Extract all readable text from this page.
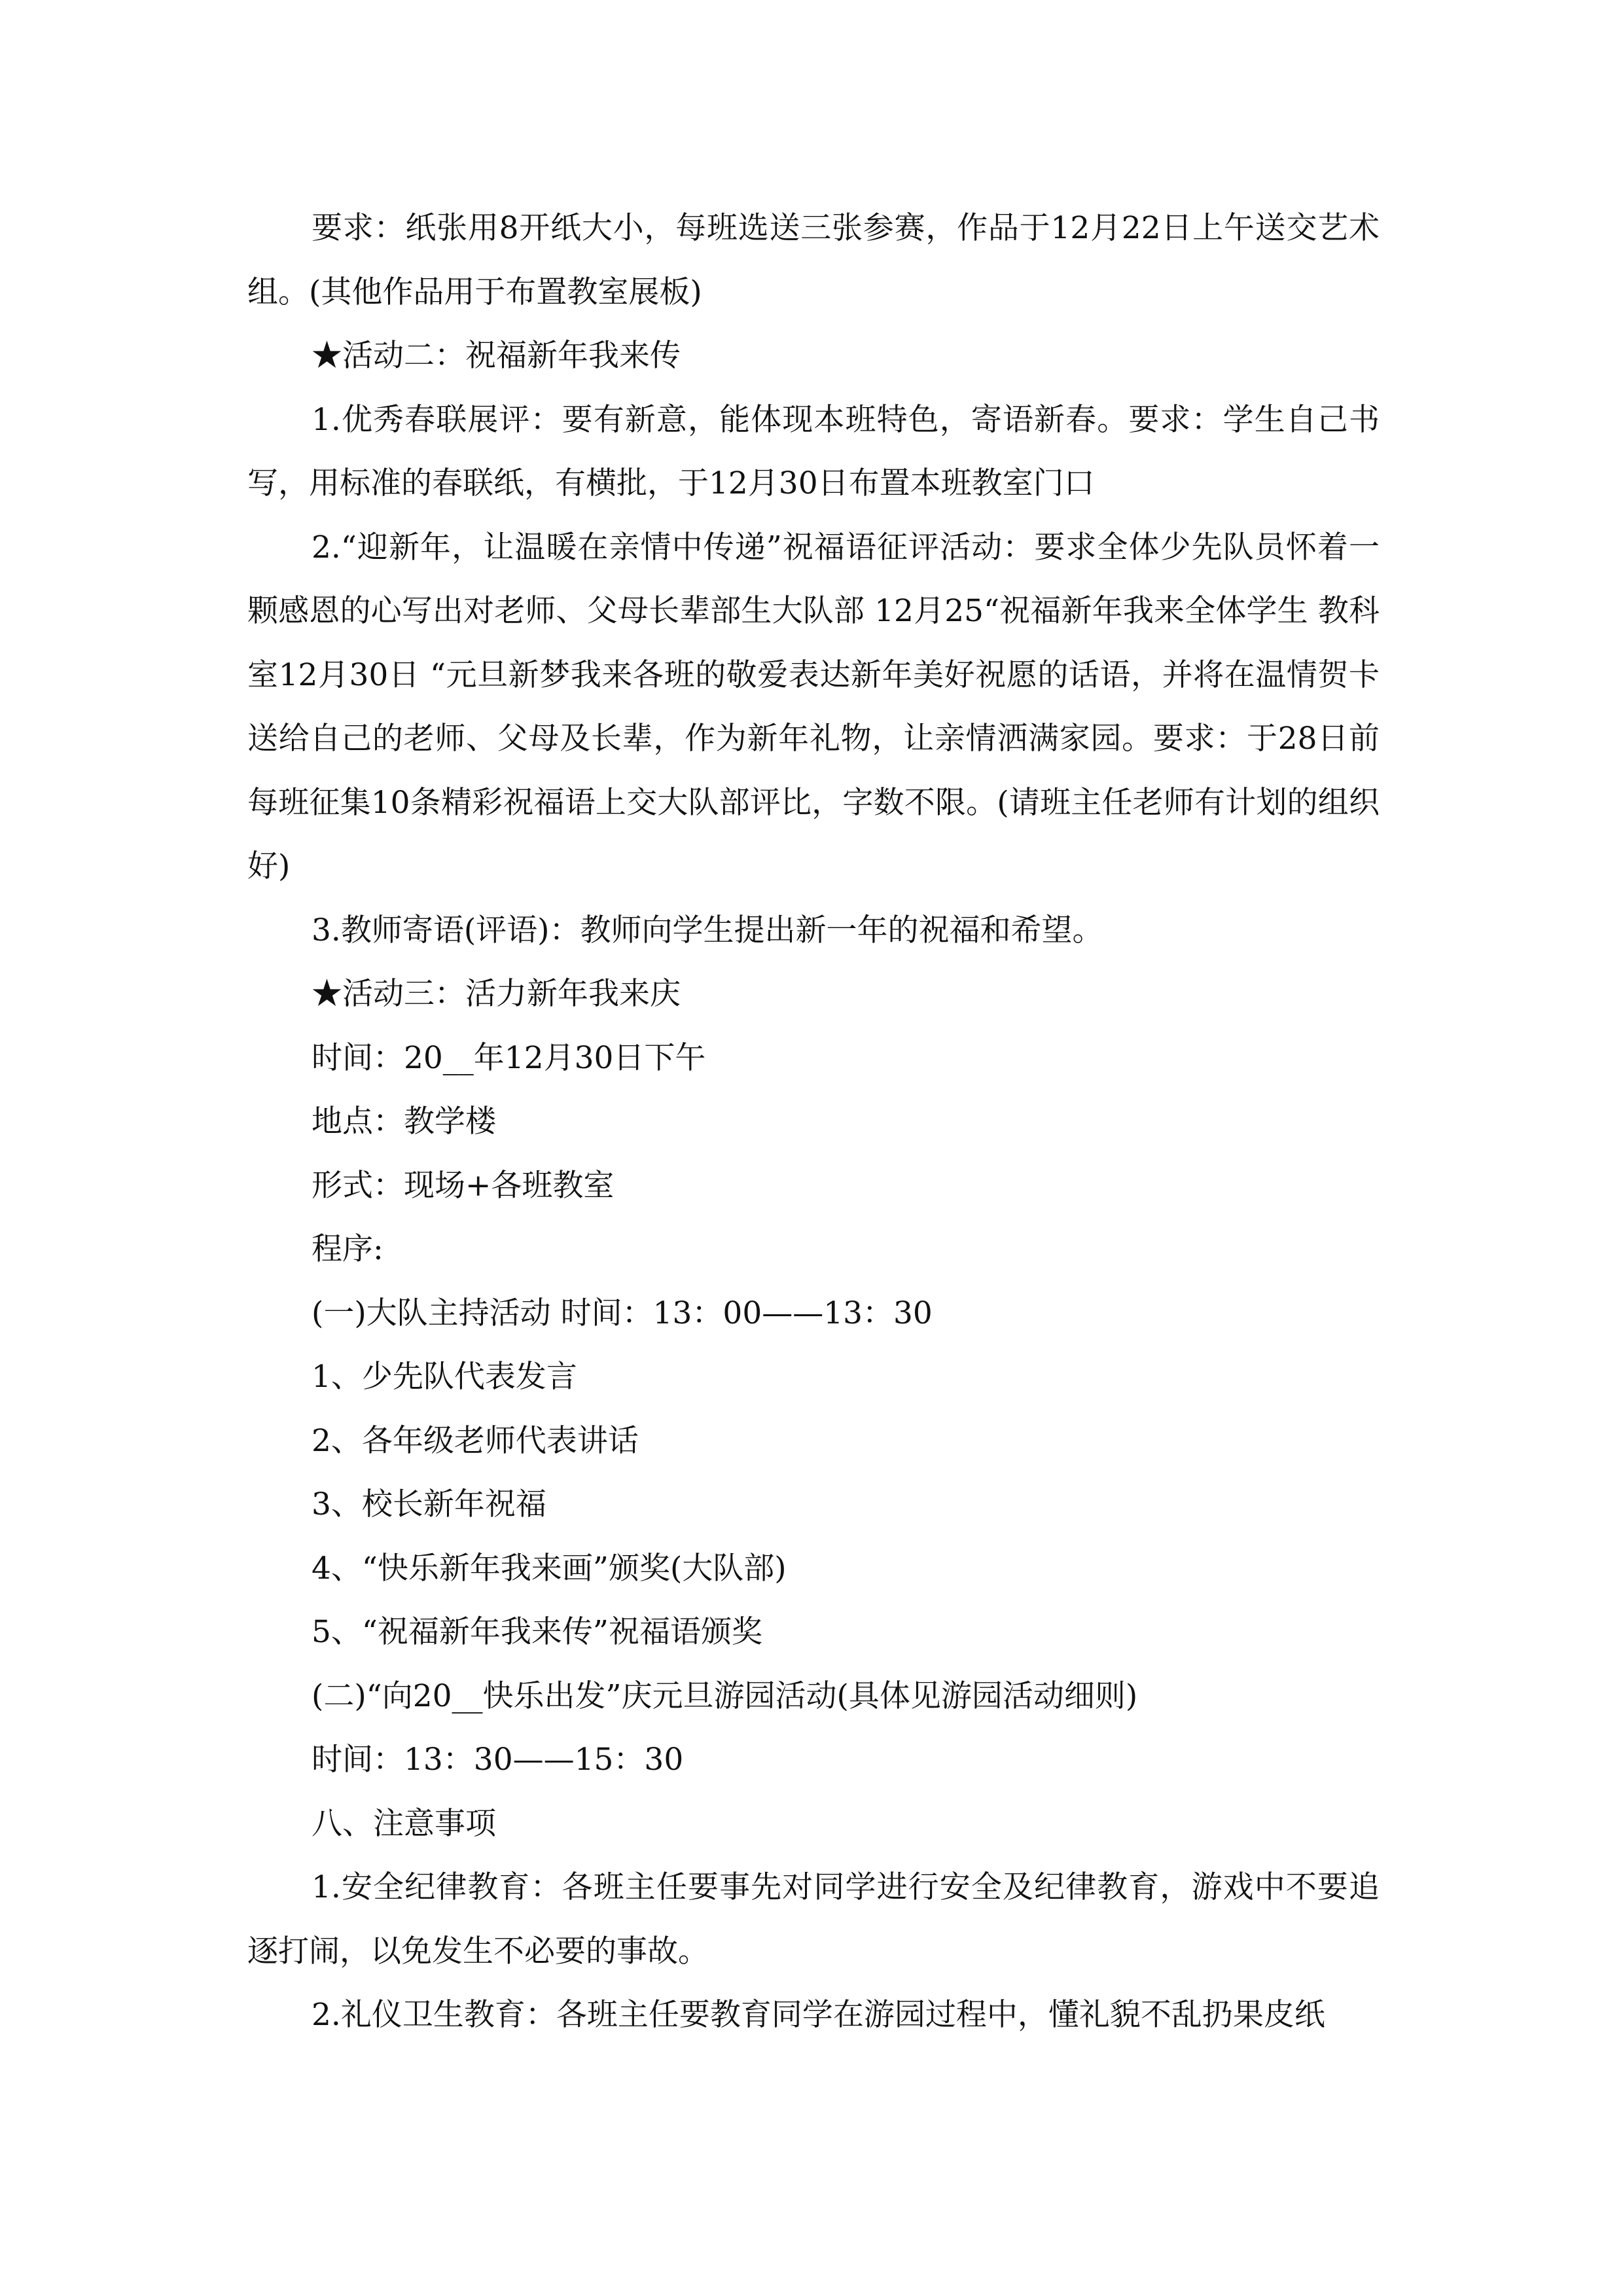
要求：纸张用8开纸大小，每班选送三张参赛，作品于12月22日上午送交艺术组。(其他作品用于布置教室展板)

★活动二：祝福新年我来传

1.优秀春联展评：要有新意，能体现本班特色，寄语新春。要求：学生自己书写，用标准的春联纸，有横批，于12月30日布置本班教室门口

2.“迎新年，让温暖在亲情中传递”祝福语征评活动：要求全体少先队员怀着一颗感恩的心写出对老师、父母长辈部生大队部 12月25“祝福新年我来全体学生 教科室12月30日 “元旦新梦我来各班的敬爱表达新年美好祝愿的话语，并将在温情贺卡送给自己的老师、父母及长辈，作为新年礼物，让亲情洒满家园。要求：于28日前每班征集10条精彩祝福语上交大队部评比，字数不限。(请班主任老师有计划的组织好)

3.教师寄语(评语)：教师向学生提出新一年的祝福和希望。

★活动三：活力新年我来庆

时间：20__年12月30日下午

地点：教学楼

形式：现场+各班教室

程序:

(一)大队主持活动 时间：13：00——13：30

1、少先队代表发言

2、各年级老师代表讲话

3、校长新年祝福

4、“快乐新年我来画”颁奖(大队部)

5、“祝福新年我来传”祝福语颁奖

(二)“向20__快乐出发”庆元旦游园活动(具体见游园活动细则)

时间：13：30——15：30

八、注意事项

1.安全纪律教育：各班主任要事先对同学进行安全及纪律教育，游戏中不要追逐打闹，以免发生不必要的事故。

2.礼仪卫生教育：各班主任要教育同学在游园过程中，懂礼貌不乱扔果皮纸
